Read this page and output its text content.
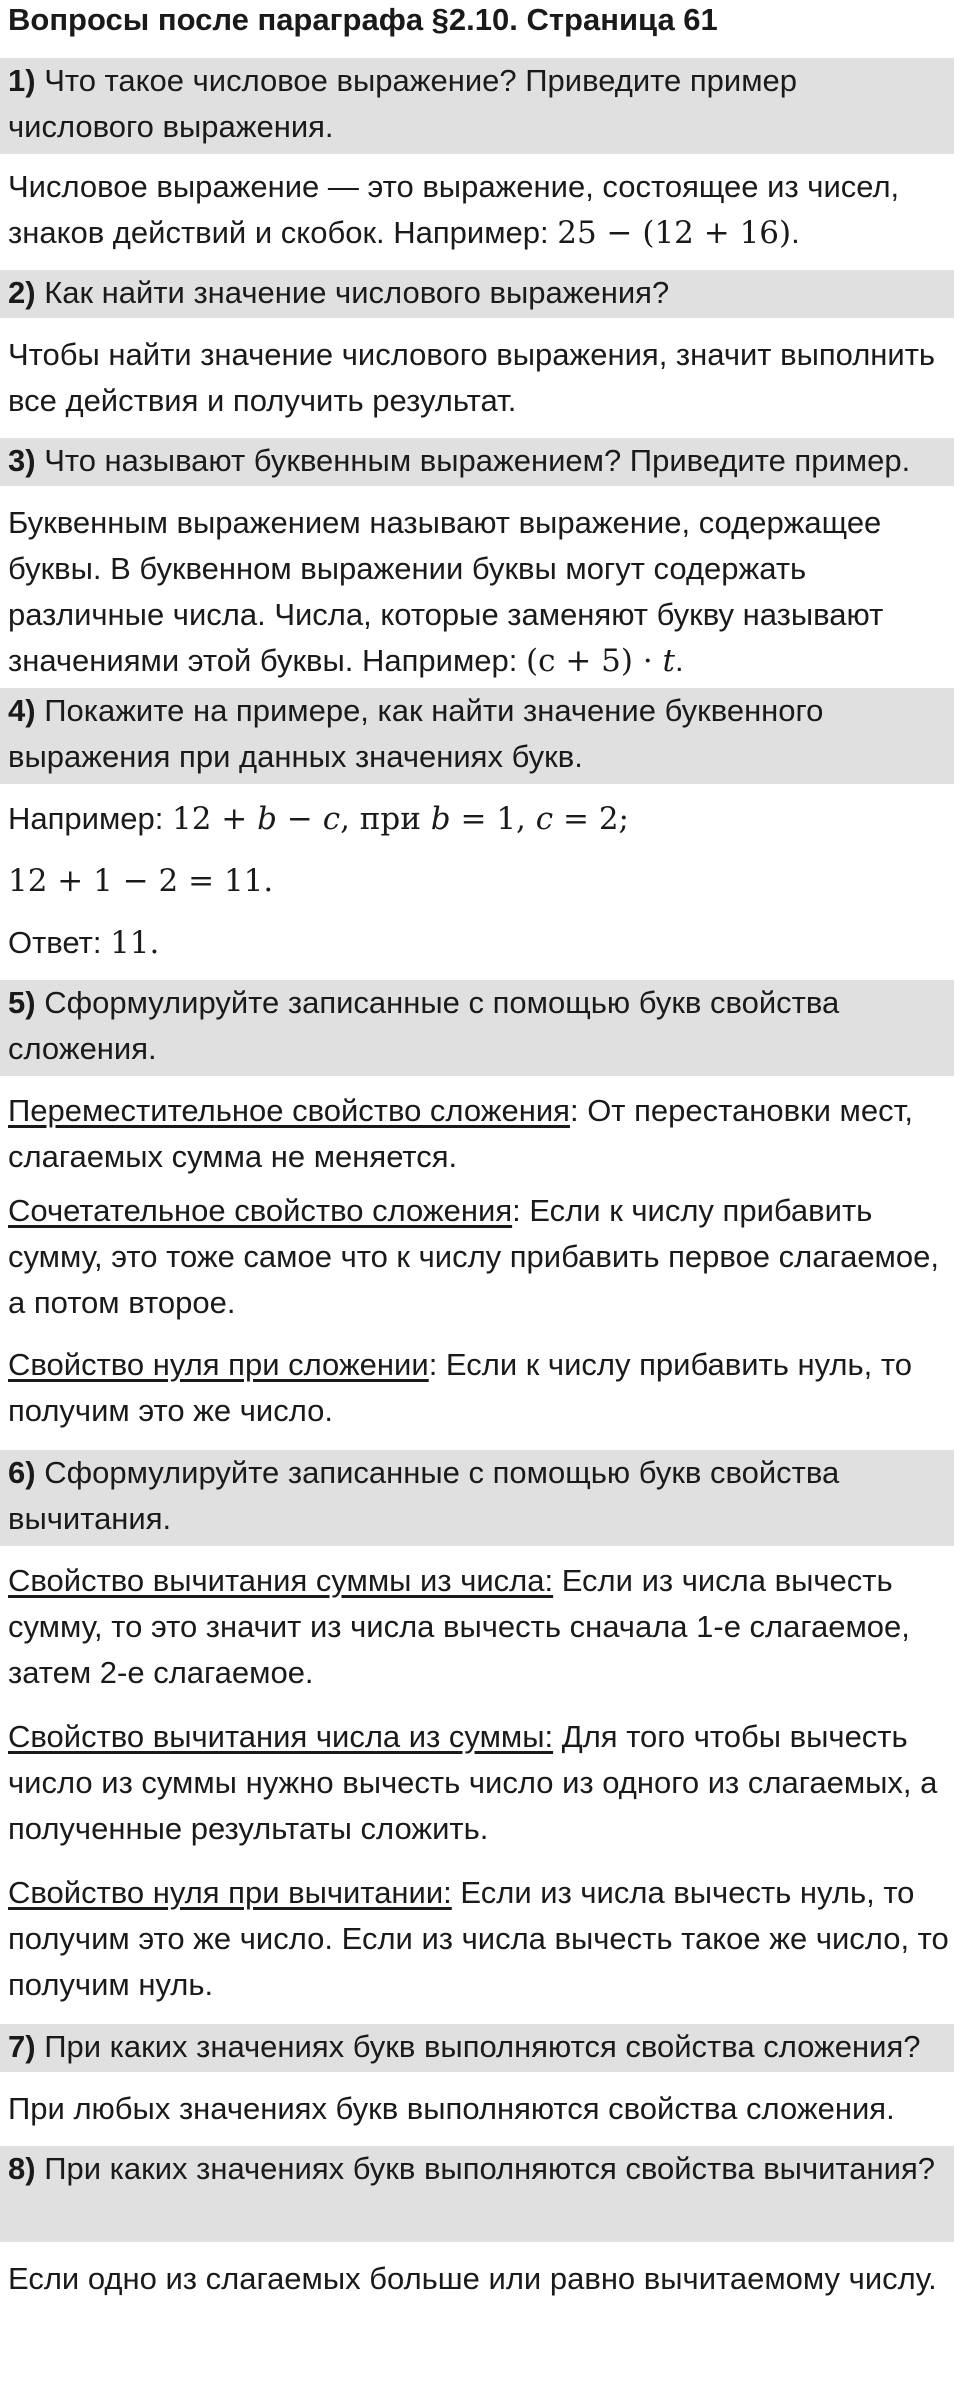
Вопросы после параграфа §2.10. Страница 61
1) Что такое числовое выражение? Приведите пример числового выражения.
Числовое выражение — это выражение, состоящее из чисел, знаков действий и скобок. Например: 25 − (12 + 16).
2) Как найти значение числового выражения?
Чтобы найти значение числового выражения, значит выполнить все действия и получить результат.
3) Что называют буквенным выражением? Приведите пример.
Буквенным выражением называют выражение, содержащее буквы. В буквенном выражении буквы могут содержать различные числа. Числа, которые заменяют букву называют значениями этой буквы. Например: (c + 5) · t.
4) Покажите на примере, как найти значение буквенного выражения при данных значениях букв.
Например: 12 + b − c, при b = 1, c = 2;
12 + 1 − 2 = 11.
Ответ: 11.
5) Сформулируйте записанные с помощью букв свойства сложения.
Переместительное свойство сложения: От перестановки мест, слагаемых сумма не меняется.
Сочетательное свойство сложения: Если к числу прибавить сумму, это тоже самое что к числу прибавить первое слагаемое, а потом второе.
Свойство нуля при сложении: Если к числу прибавить нуль, то получим это же число.
6) Сформулируйте записанные с помощью букв свойства вычитания.
Свойство вычитания суммы из числа: Если из числа вычесть сумму, то это значит из числа вычесть сначала 1-е слагаемое, затем 2-е слагаемое.
Свойство вычитания числа из суммы: Для того чтобы вычесть число из суммы нужно вычесть число из одного из слагаемых, а полученные результаты сложить.
Свойство нуля при вычитании: Если из числа вычесть нуль, то получим это же число. Если из числа вычесть такое же число, то получим нуль.
7) При каких значениях букв выполняются свойства сложения?
При любых значениях букв выполняются свойства сложения.
8) При каких значениях букв выполняются свойства вычитания?
Если одно из слагаемых больше или равно вычитаемому числу.
